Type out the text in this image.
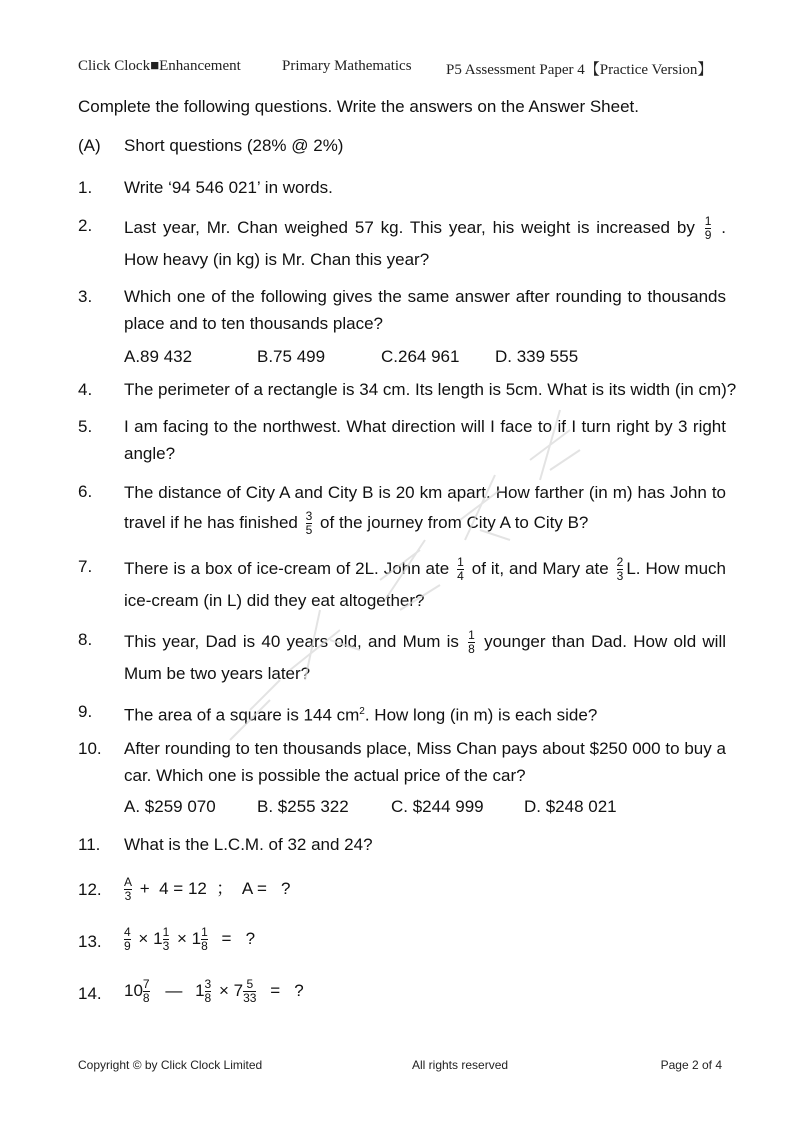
Click Clock■Enhancement	Primary Mathematics P5 Assessment Paper 4【Practice Version】
Complete the following questions. Write the answers on the Answer Sheet.
(A) Short questions (28% @ 2%)
1. Write ‘94 546 021’ in words.
2. Last year, Mr. Chan weighed 57 kg. This year, his weight is increased by $\frac{1}{9}$ . How heavy (in kg) is Mr. Chan this year?
3. Which one of the following gives the same answer after rounding to thousands place and to ten thousands place?
A.89 432	B.75 499	C.264 961 D. 339 555
4. The perimeter of a rectangle is 34 cm. Its length is 5cm. What is its width (in cm)?
5. I am facing to the northwest. What direction will I face to if I turn right by 3 right angle?
6. The distance of City A and City B is 20 km apart. How farther (in m) has John to travel if he has finished $\frac{3}{5}$ of the journey from City A to City B?
7. There is a box of ice-cream of 2L. John ate $\frac{1}{4}$ of it, and Mary ate $\frac{2}{3} L$. How much ice-cream (in L) did they eat altogether?
8. This year, Dad is 40 years old, and Mum is $\frac{1}{8}$ younger than Dad. How old will Mum be two years later?
9. The area of a square is 144 $cm^2$. How long (in m) is each side?
10. After rounding to ten thousands place, Miss Chan pays about $250 000 to buy a car. Which one is possible the actual price of the car?
A. $259 070 B. $255 322 C. $244 999 D. $248 021
11. What is the L.C.M. of 32 and 24?
12. $\frac{A}{3} + 4 = 12$  ；  A =   ?
13. $\frac{4}{9} \times 1 \frac{1}{3} \times 1 \frac{1}{8}$ =   ?
14. $10 \frac{7}{8}$ — $1 \frac{3}{8} \times 7 \frac{5}{33}$ =   ?
Copyright © by Click Clock Limited	All rights reserved	Page 2 of 4
